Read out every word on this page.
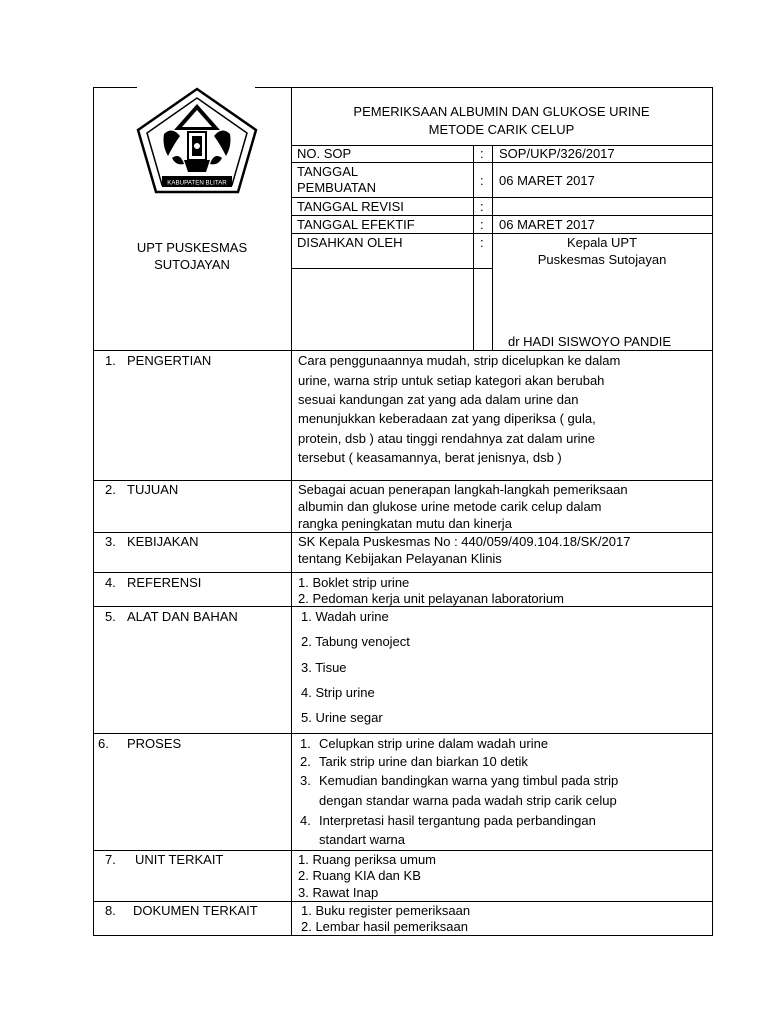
KABUPATEN BLITAR
UPT PUSKESMAS
SUTOJAYAN
PEMERIKSAAN ALBUMIN DAN GLUKOSE URINE
METODE CARIK CELUP
NO. SOP	: SOP/UKP/326/2017
TANGGAL
PEMBUATAN	: 06 MARET 2017
TANGGAL REVISI	:
TANGGAL EFEKTIF	: 06 MARET 2017
DISAHKAN OLEH	:	Kepala UPT
Puskesmas Sutojayan
dr HADI SISWOYO PANDIE
1. PENGERTIAN	Cara penggunaannya mudah, strip dicelupkan ke dalam
urine, warna strip untuk setiap kategori akan berubah
sesuai kandungan zat yang ada dalam urine dan
menunjukkan keberadaan zat yang diperiksa ( gula,
protein, dsb ) atau tinggi rendahnya zat dalam urine
tersebut ( keasamannya, berat jenisnya, dsb )
2. TUJUAN	Sebagai acuan penerapan langkah-langkah pemeriksaan
albumin dan glukose urine metode carik celup dalam
rangka peningkatan mutu dan kinerja
3. KEBIJAKAN	SK Kepala Puskesmas No : 440/059/409.104.18/SK/2017
tentang Kebijakan Pelayanan Klinis
4. REFERENSI	1. Boklet strip urine
2. Pedoman kerja unit pelayanan laboratorium
5. ALAT DAN BAHAN	1. Wadah urine
2. Tabung venoject
3. Tisue
4. Strip urine
5. Urine segar
6. PROSES	1. Celupkan strip urine dalam wadah urine
2. Tarik strip urine dan biarkan 10 detik
3. Kemudian bandingkan warna yang timbul pada strip
dengan standar warna pada wadah strip carik celup
4. Interpretasi hasil tergantung pada perbandingan
standart warna
7. UNIT TERKAIT	1. Ruang periksa umum
2. Ruang KIA dan KB
3. Rawat Inap
8. DOKUMEN TERKAIT	1. Buku register pemeriksaan
2. Lembar hasil pemeriksaan
